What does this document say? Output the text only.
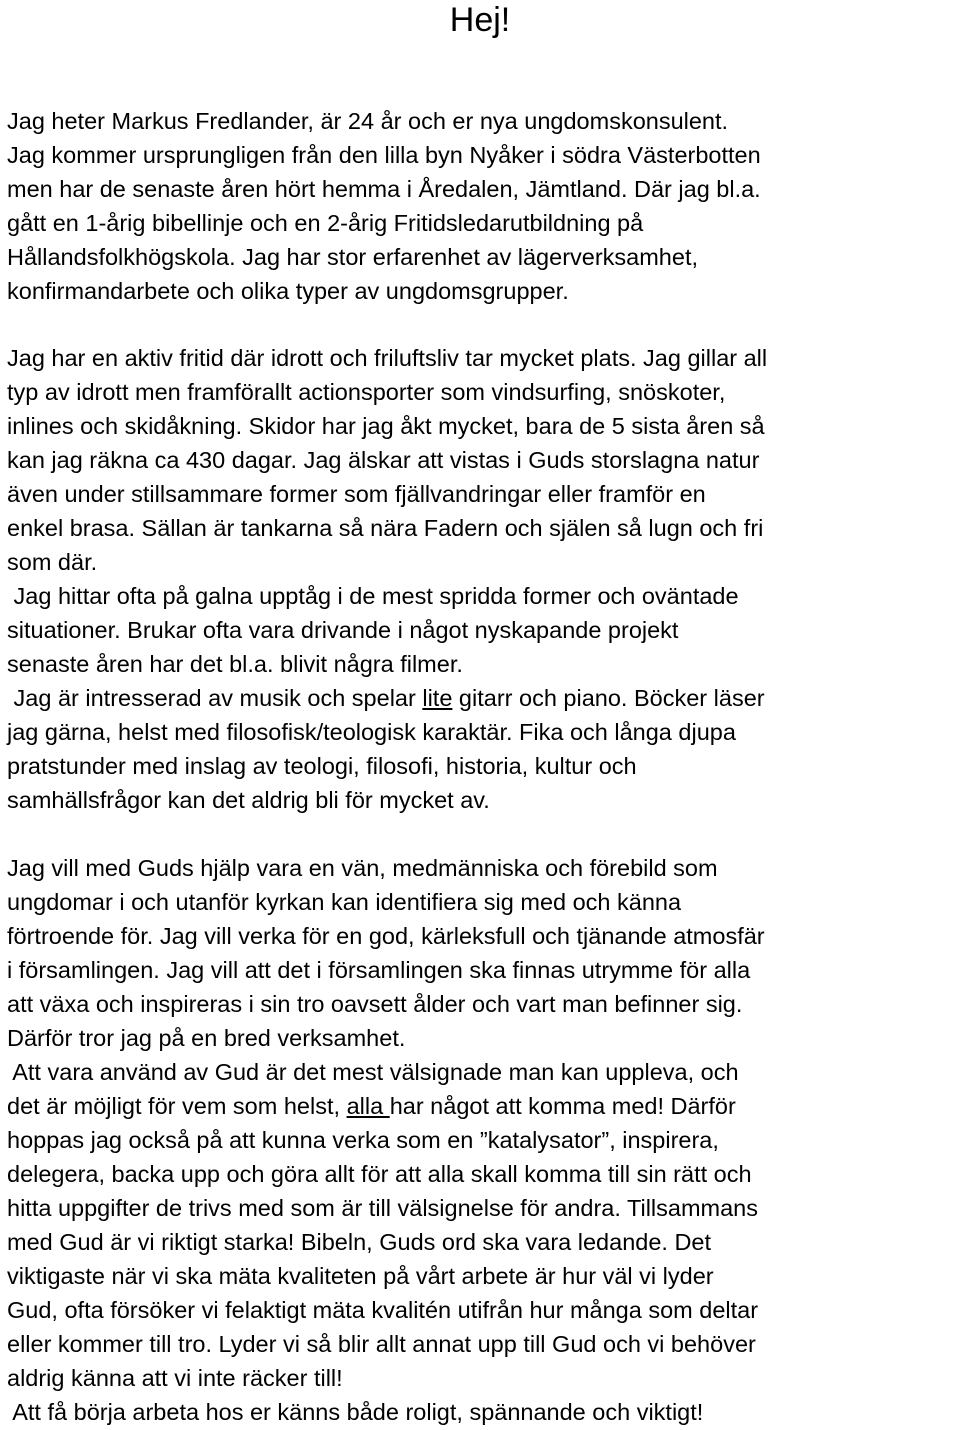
Hej!
Jag heter Markus Fredlander, är 24 år och er nya ungdomskonsulent.
Jag kommer ursprungligen från den lilla byn Nyåker i södra Västerbotten
men har de senaste åren hört hemma i Åredalen, Jämtland. Där jag bl.a.
gått en 1-årig bibellinje och en 2-årig Fritidsledarutbildning på
Hållandsfolkhögskola. Jag har stor erfarenhet av lägerverksamhet,
konfirmandarbete och olika typer av ungdomsgrupper.
Jag har en aktiv fritid där idrott och friluftsliv tar mycket plats. Jag gillar all
typ av idrott men framförallt actionsporter som vindsurfing, snöskoter,
inlines och skidåkning. Skidor har jag åkt mycket, bara de 5 sista åren så
kan jag räkna ca 430 dagar. Jag älskar att vistas i Guds storslagna natur
även under stillsammare former som fjällvandringar eller framför en
enkel brasa. Sällan är tankarna så nära Fadern och själen så lugn och fri
som där.
Jag hittar ofta på galna upptåg i de mest spridda former och oväntade
situationer. Brukar ofta vara drivande i något nyskapande projekt
senaste åren har det bl.a. blivit några filmer.
Jag är intresserad av musik och spelar lite gitarr och piano. Böcker läser
jag gärna, helst med filosofisk/teologisk karaktär. Fika och långa djupa
pratstunder med inslag av teologi, filosofi, historia, kultur och
samhällsfrågor kan det aldrig bli för mycket av.
Jag vill med Guds hjälp vara en vän, medmänniska och förebild som
ungdomar i och utanför kyrkan kan identifiera sig med och känna
förtroende för. Jag vill verka för en god, kärleksfull och tjänande atmosfär
i församlingen. Jag vill att det i församlingen ska finnas utrymme för alla
att växa och inspireras i sin tro oavsett ålder och vart man befinner sig.
Därför tror jag på en bred verksamhet.
Att vara använd av Gud är det mest välsignade man kan uppleva, och
det är möjligt för vem som helst, alla har något att komma med! Därför
hoppas jag också på att kunna verka som en ”katalysator”, inspirera,
delegera, backa upp och göra allt för att alla skall komma till sin rätt och
hitta uppgifter de trivs med som är till välsignelse för andra. Tillsammans
med Gud är vi riktigt starka! Bibeln, Guds ord ska vara ledande. Det
viktigaste när vi ska mäta kvaliteten på vårt arbete är hur väl vi lyder
Gud, ofta försöker vi felaktigt mäta kvalitén utifrån hur många som deltar
eller kommer till tro. Lyder vi så blir allt annat upp till Gud och vi behöver
aldrig känna att vi inte räcker till!
Att få börja arbeta hos er känns både roligt, spännande och viktigt!
